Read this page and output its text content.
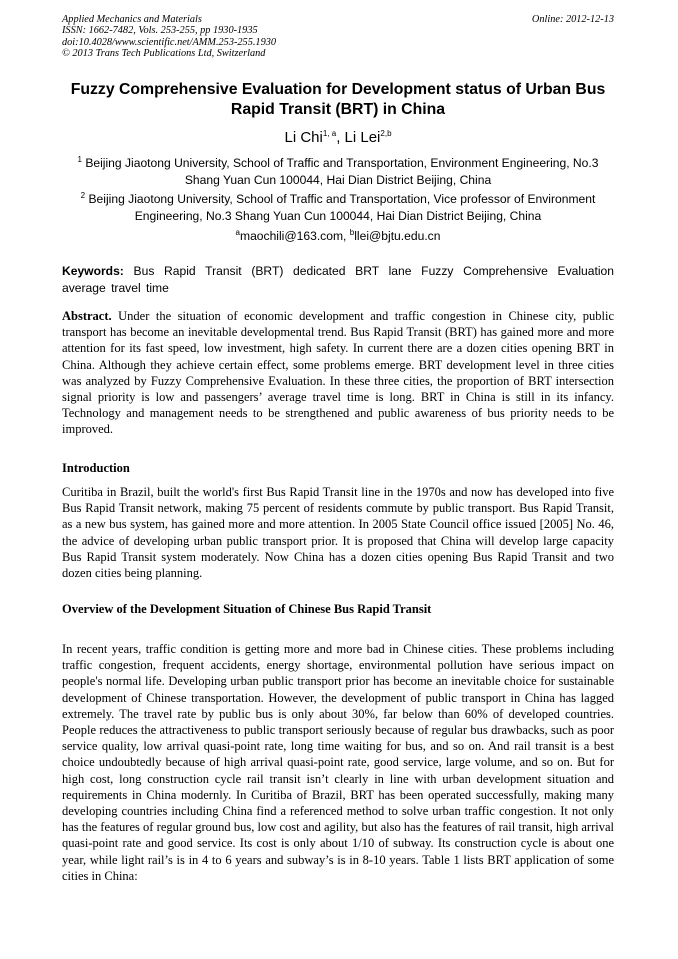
Applied Mechanics and Materials
ISSN: 1662-7482, Vols. 253-255, pp 1930-1935
doi:10.4028/www.scientific.net/AMM.253-255.1930
© 2013 Trans Tech Publications Ltd, Switzerland
Online: 2012-12-13
Fuzzy Comprehensive Evaluation for Development status of Urban Bus Rapid Transit (BRT) in China
Li Chi$^{1, a}$, Li Lei$^{2,b}$
$^1$ Beijing Jiaotong University, School of Traffic and Transportation, Environment Engineering, No.3 Shang Yuan Cun 100044, Hai Dian District Beijing, China
$^2$ Beijing Jiaotong University, School of Traffic and Transportation, Vice professor of Environment Engineering, No.3 Shang Yuan Cun 100044, Hai Dian District Beijing, China
$^a$maochili@163.com, $^b$llei@bjtu.edu.cn
Keywords: Bus Rapid Transit (BRT) dedicated BRT lane Fuzzy Comprehensive Evaluation average travel time
Abstract. Under the situation of economic development and traffic congestion in Chinese city, public transport has become an inevitable developmental trend. Bus Rapid Transit (BRT) has gained more and more attention for its fast speed, low investment, high safety. In current there are a dozen cities opening BRT in China. Although they achieve certain effect, some problems emerge. BRT development level in three cities was analyzed by Fuzzy Comprehensive Evaluation. In these three cities, the proportion of BRT intersection signal priority is low and passengers’ average travel time is long. BRT in China is still in its infancy. Technology and management needs to be strengthened and public awareness of bus priority needs to be improved.
Introduction
Curitiba in Brazil, built the world's first Bus Rapid Transit line in the 1970s and now has developed into five Bus Rapid Transit network, making 75 percent of residents commute by public transport. Bus Rapid Transit, as a new bus system, has gained more and more attention. In 2005 State Council office issued [2005] No. 46, the advice of developing urban public transport prior. It is proposed that China will develop large capacity Bus Rapid Transit system moderately. Now China has a dozen cities opening Bus Rapid Transit and two dozen cities being planning.
Overview of the Development Situation of Chinese Bus Rapid Transit
In recent years, traffic condition is getting more and more bad in Chinese cities. These problems including traffic congestion, frequent accidents, energy shortage, environmental pollution have serious impact on people's normal life. Developing urban public transport prior has become an inevitable choice for sustainable development of Chinese transportation. However, the development of public transport in China has lagged extremely. The travel rate by public bus is only about 30%, far below than 60% of developed countries. People reduces the attractiveness to public transport seriously because of regular bus drawbacks, such as poor service quality, low arrival quasi-point rate, long time waiting for bus, and so on. And rail transit is a best choice undoubtedly because of high arrival quasi-point rate, good service, large volume, and so on. But for high cost, long construction cycle rail transit isn’t clearly in line with urban development situation and requirements in China modernly. In Curitiba of Brazil, BRT has been operated successfully, making many developing countries including China find a referenced method to solve urban traffic congestion. It not only has the features of regular ground bus, low cost and agility, but also has the features of rail transit, high arrival quasi-point rate and good service. Its cost is only about 1/10 of subway. Its construction cycle is about one year, while light rail’s is in 4 to 6 years and subway’s is in 8-10 years. Table 1 lists BRT application of some cities in China:
